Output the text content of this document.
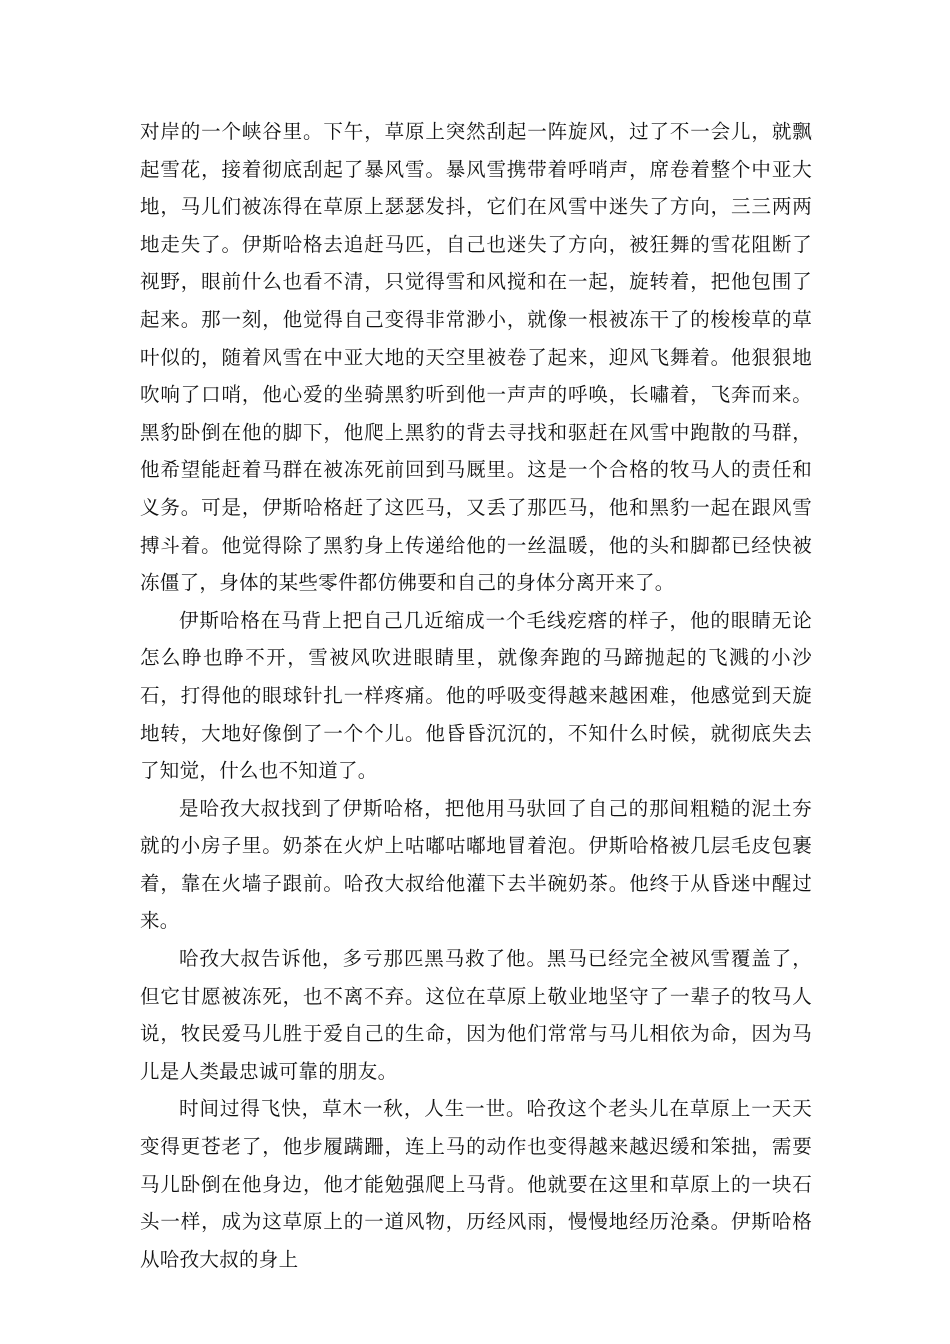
对岸的一个峡谷里。下午，草原上突然刮起一阵旋风，过了不一会儿，就飘起雪花，接着彻底刮起了暴风雪。暴风雪携带着呼哨声，席卷着整个中亚大地，马儿们被冻得在草原上瑟瑟发抖，它们在风雪中迷失了方向，三三两两地走失了。伊斯哈格去追赶马匹，自己也迷失了方向，被狂舞的雪花阻断了视野，眼前什么也看不清，只觉得雪和风搅和在一起，旋转着，把他包围了起来。那一刻，他觉得自己变得非常渺小，就像一根被冻干了的梭梭草的草叶似的，随着风雪在中亚大地的天空里被卷了起来，迎风飞舞着。他狠狠地吹响了口哨，他心爱的坐骑黑豹听到他一声声的呼唤，长嘯着，飞奔而来。黑豹卧倒在他的脚下，他爬上黑豹的背去寻找和驱赶在风雪中跑散的马群，他希望能赶着马群在被冻死前回到马厩里。这是一个合格的牧马人的责任和义务。可是，伊斯哈格赶了这匹马，又丢了那匹马，他和黑豹一起在跟风雪搏斗着。他觉得除了黑豹身上传递给他的一丝温暖，他的头和脚都已经快被冻僵了，身体的某些零件都仿佛要和自己的身体分离开来了。

伊斯哈格在马背上把自己几近缩成一个毛线疙瘩的样子，他的眼睛无论怎么睁也睁不开，雪被风吹进眼睛里，就像奔跑的马蹄抛起的飞溅的小沙石，打得他的眼球针扎一样疼痛。他的呼吸变得越来越困难，他感觉到天旋地转，大地好像倒了一个个儿。他昏昏沉沉的，不知什么时候，就彻底失去了知觉，什么也不知道了。

是哈孜大叔找到了伊斯哈格，把他用马驮回了自己的那间粗糙的泥土夯就的小房子里。奶茶在火炉上咕嘟咕嘟地冒着泡。伊斯哈格被几层毛皮包裹着，靠在火墙子跟前。哈孜大叔给他灌下去半碗奶茶。他终于从昏迷中醒过来。

哈孜大叔告诉他，多亏那匹黑马救了他。黑马已经完全被风雪覆盖了，但它甘愿被冻死，也不离不弃。这位在草原上敬业地坚守了一辈子的牧马人说，牧民爱马儿胜于爱自己的生命，因为他们常常与马儿相依为命，因为马儿是人类最忠诚可靠的朋友。

时间过得飞快，草木一秋，人生一世。哈孜这个老头儿在草原上一天天变得更苍老了，他步履蹒跚，连上马的动作也变得越来越迟缓和笨拙，需要马儿卧倒在他身边，他才能勉强爬上马背。他就要在这里和草原上的一块石头一样，成为这草原上的一道风物，历经风雨，慢慢地经历沧桑。伊斯哈格从哈孜大叔的身上
